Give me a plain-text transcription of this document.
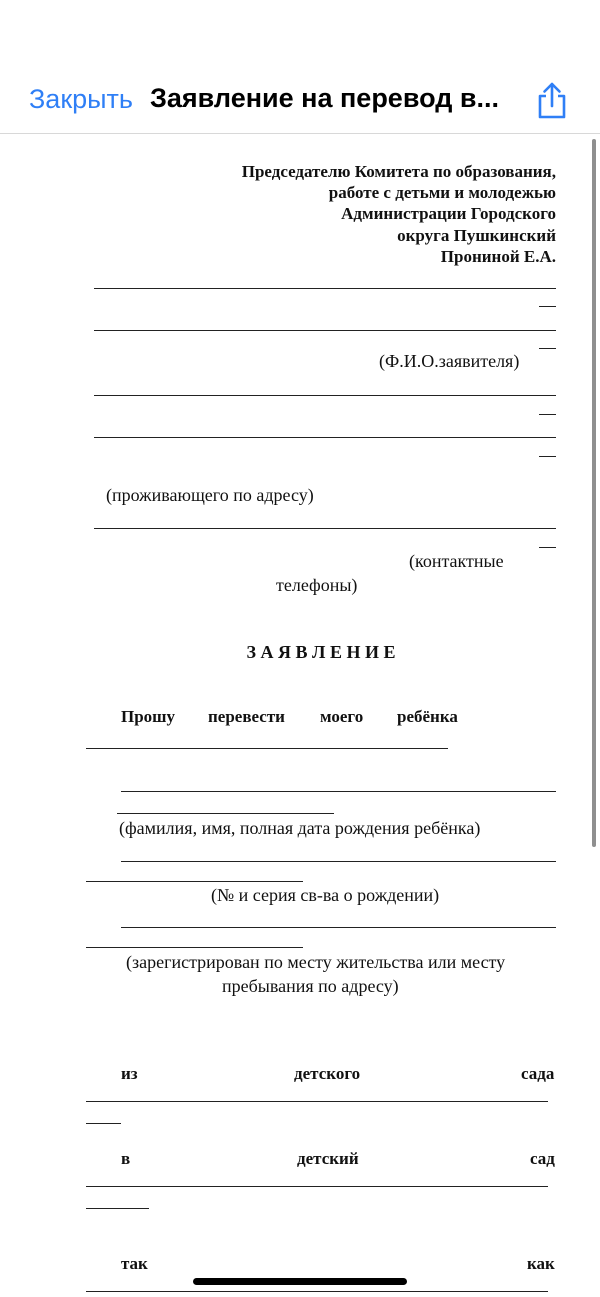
Закрыть Заявление на перевод в...
Председателю Комитета по образования,
работе с детьми и молодежью
Администрации Городского
округа Пушкинский
Прониной Е.А.
(Ф.И.О.заявителя)
(проживающего по адресу)
(контактные
телефоны)
З А Я В Л Е Н И Е
Прошу перевести моего ребёнка
(фамилия, имя, полная дата рождения ребёнка)
(№ и серия св-ва о рождении)
(зарегистрирован по месту жительства или месту
пребывания по адресу)
из	детского	сада
в	детский	сад
так	как
